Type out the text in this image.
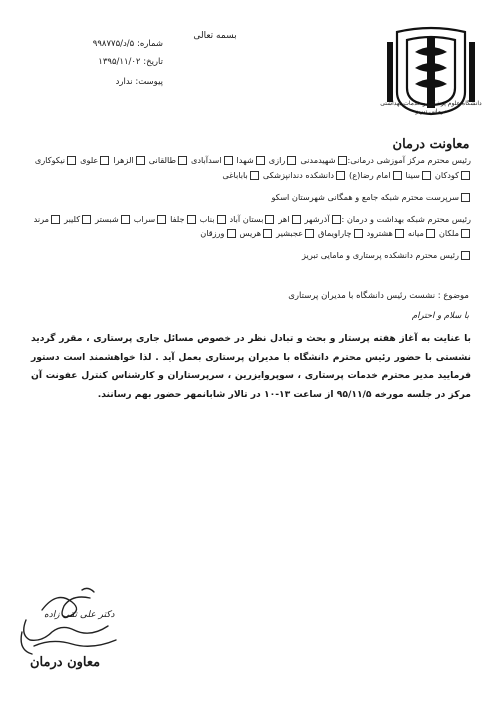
دانشگاه علوم پزشکی و خدمات بهداشتی درمانی تبریز
معاونت درمان
بسمه تعالی
شماره: ۵/د/۹۹۸۷۷۵
تاریخ: ۱۳۹۵/۱۱/۰۲
پیوست: ندارد
رئیس محترم مرکز آموزشی درمانی:شهیدمدنیرازیشهدااسدآبادیطالقانیالزهراعلوینیکوکاری
کودکانسیناامام رضا(ع)دانشکده دندانپزشکیباباباغی
سرپرست محترم شبکه جامع و همگانی شهرستان اسکو
رئیس محترم شبکه بهداشت و درمان :آذرشهراهربستان آبادبنابجلفاسرابشبسترکلیبرمرند
ملکانمیانههشترودچاراویماقعجبشیرهریسورزقان
رئیس محترم دانشکده پرستاری و مامایی تبریز
موضوع : نشست رئیس دانشگاه با مدیران پرستاری
با سلام و احترام
با عنایت به آغاز هفته پرستار و بحث و تبادل نظر در خصوص مسائل جاری پرستاری ، مقرر گردید نشستی با حضور رئیس محترم دانشگاه با مدیران پرستاری بعمل آید . لذا خواهشمند است دستور فرمایید مدیر محترم خدمات پرستاری ، سوپروایزرین ، سرپرستاران و کارشناس کنترل عفونت آن مرکز در جلسه مورخه ۹۵/۱۱/۵ از ساعت ۱۳-۱۰ در تالار شابانمهر حضور بهم رسانند.
دکتر علی تقی زاده
معاون درمان
